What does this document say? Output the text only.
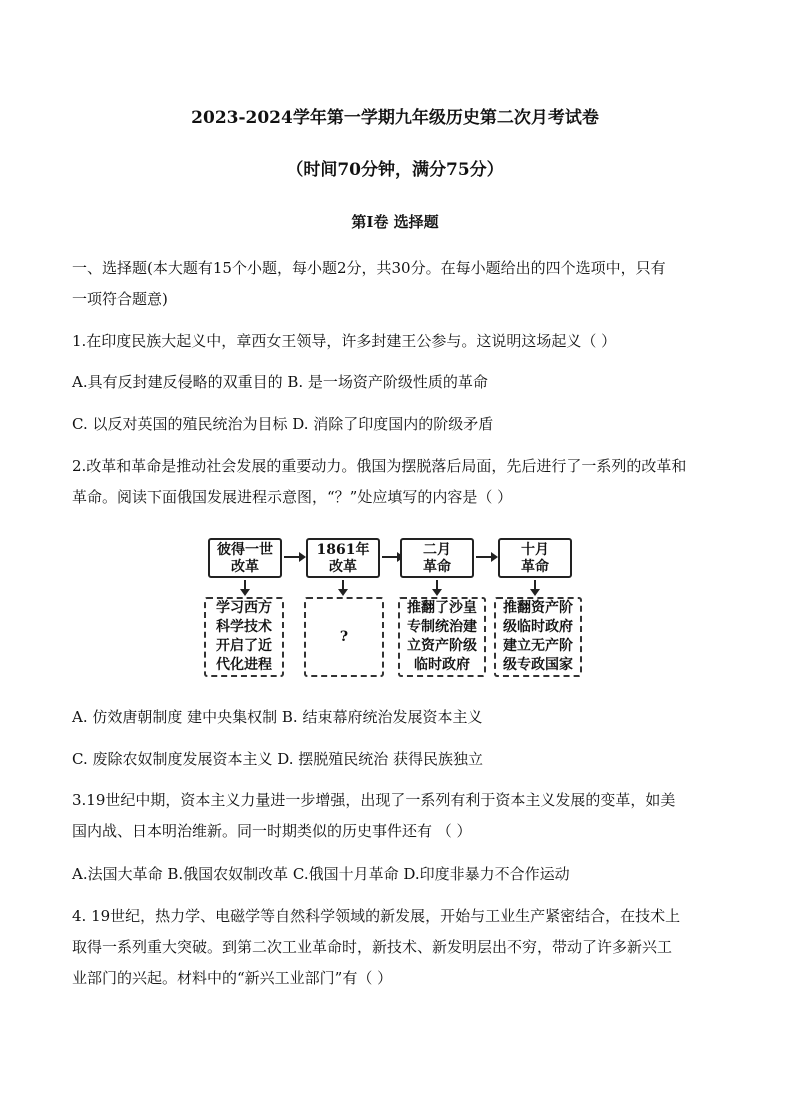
2023-2024学年第一学期九年级历史第二次月考试卷
（时间70分钟，满分75分）
第Ⅰ卷 选择题
一、选择题(本大题有15个小题，每小题2分，共30分。在每小题给出的四个选项中，只有
一项符合题意)
1.在印度民族大起义中，章西女王领导，许多封建王公参与。这说明这场起义（ ）
A.具有反封建反侵略的双重目的 B. 是一场资产阶级性质的革命
C. 以反对英国的殖民统治为目标 D. 消除了印度国内的阶级矛盾
2.改革和革命是推动社会发展的重要动力。俄国为摆脱落后局面，先后进行了一系列的改革和
革命。阅读下面俄国发展进程示意图，“？”处应填写的内容是（ ）
彼得一世
改革
1861年
改革
二月
革命
十月
革命
学习西方
科学技术
开启了近
代化进程
?
推翻了沙皇
专制统治建
立资产阶级
临时政府
推翻资产阶
级临时政府
建立无产阶
级专政国家
A. 仿效唐朝制度 建中央集权制 B. 结束幕府统治发展资本主义
C. 废除农奴制度发展资本主义 D. 摆脱殖民统治 获得民族独立
3.19世纪中期，资本主义力量进一步增强，出现了一系列有利于资本主义发展的变革，如美
国内战、日本明治维新。同一时期类似的历史事件还有 （ ）
A.法国大革命 B.俄国农奴制改革 C.俄国十月革命 D.印度非暴力不合作运动
4. 19世纪，热力学、电磁学等自然科学领域的新发展，开始与工业生产紧密结合，在技术上
取得一系列重大突破。到第二次工业革命时，新技术、新发明层出不穷，带动了许多新兴工
业部门的兴起。材料中的“新兴工业部门”有（ ）
